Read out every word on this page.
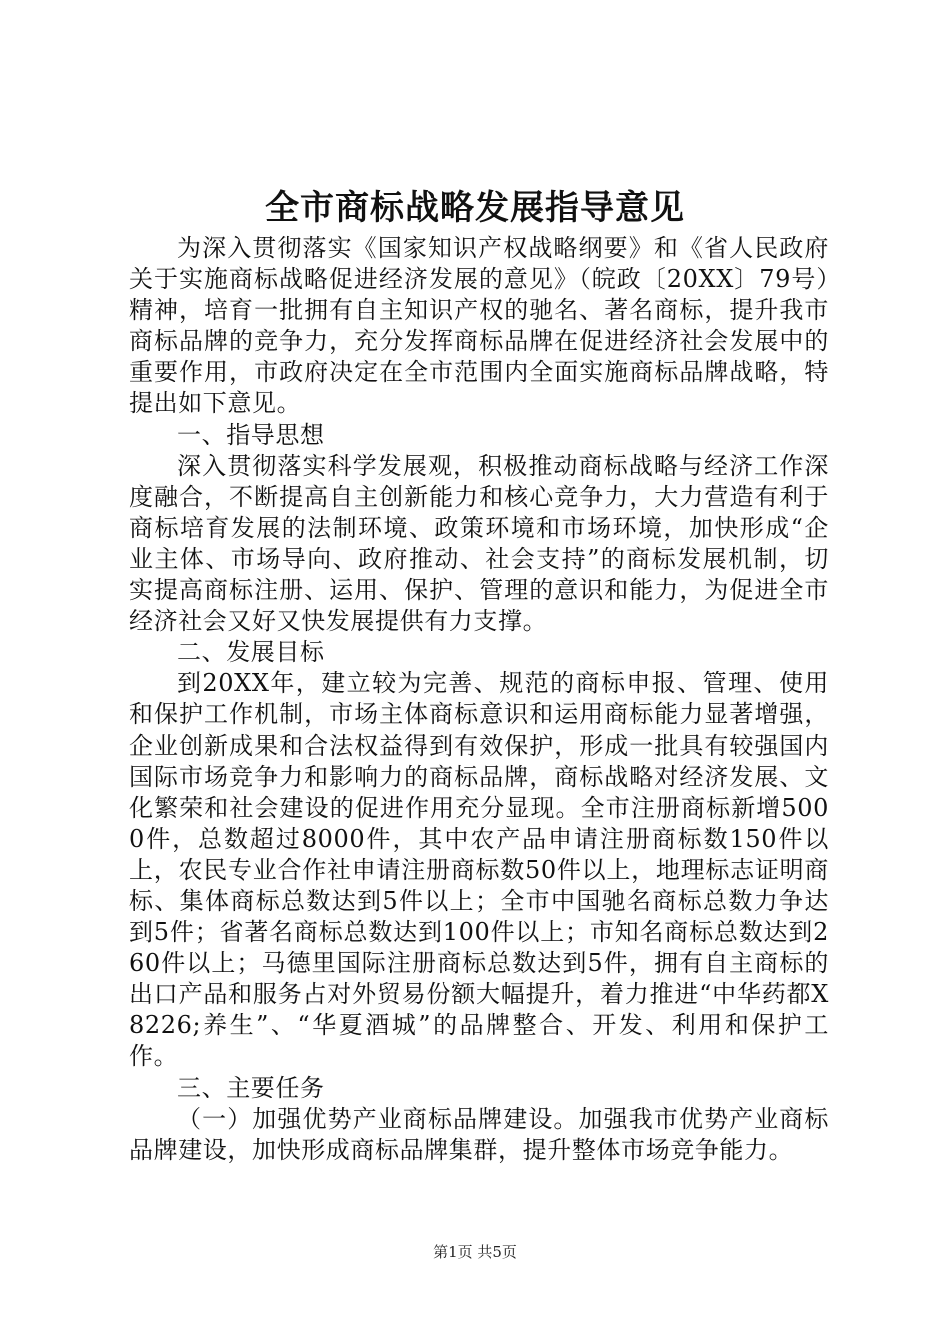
全市商标战略发展指导意见

为深入贯彻落实《国家知识产权战略纲要》和《省人民政府关于实施商标战略促进经济发展的意见》（皖政〔20XX〕79号）精神，培育一批拥有自主知识产权的驰名、著名商标，提升我市商标品牌的竞争力，充分发挥商标品牌在促进经济社会发展中的重要作用，市政府决定在全市范围内全面实施商标品牌战略，特提出如下意见。

一、指导思想

深入贯彻落实科学发展观，积极推动商标战略与经济工作深度融合，不断提高自主创新能力和核心竞争力，大力营造有利于商标培育发展的法制环境、政策环境和市场环境，加快形成“企业主体、市场导向、政府推动、社会支持”的商标发展机制，切实提高商标注册、运用、保护、管理的意识和能力，为促进全市经济社会又好又快发展提供有力支撑。

二、发展目标

到20XX年，建立较为完善、规范的商标申报、管理、使用和保护工作机制，市场主体商标意识和运用商标能力显著增强，企业创新成果和合法权益得到有效保护，形成一批具有较强国内国际市场竞争力和影响力的商标品牌，商标战略对经济发展、文化繁荣和社会建设的促进作用充分显现。全市注册商标新增5000件，总数超过8000件，其中农产品申请注册商标数150件以上，农民专业合作社申请注册商标数50件以上，地理标志证明商标、集体商标总数达到5件以上；全市中国驰名商标总数力争达到5件；省著名商标总数达到100件以上；市知名商标总数达到260件以上；马德里国际注册商标总数达到5件，拥有自主商标的出口产品和服务占对外贸易份额大幅提升，着力推进“中华药都X8226;养生”、“华夏酒城”的品牌整合、开发、利用和保护工作。

三、主要任务

（一）加强优势产业商标品牌建设。加强我市优势产业商标品牌建设，加快形成商标品牌集群，提升整体市场竞争能力。

第1页 共5页
